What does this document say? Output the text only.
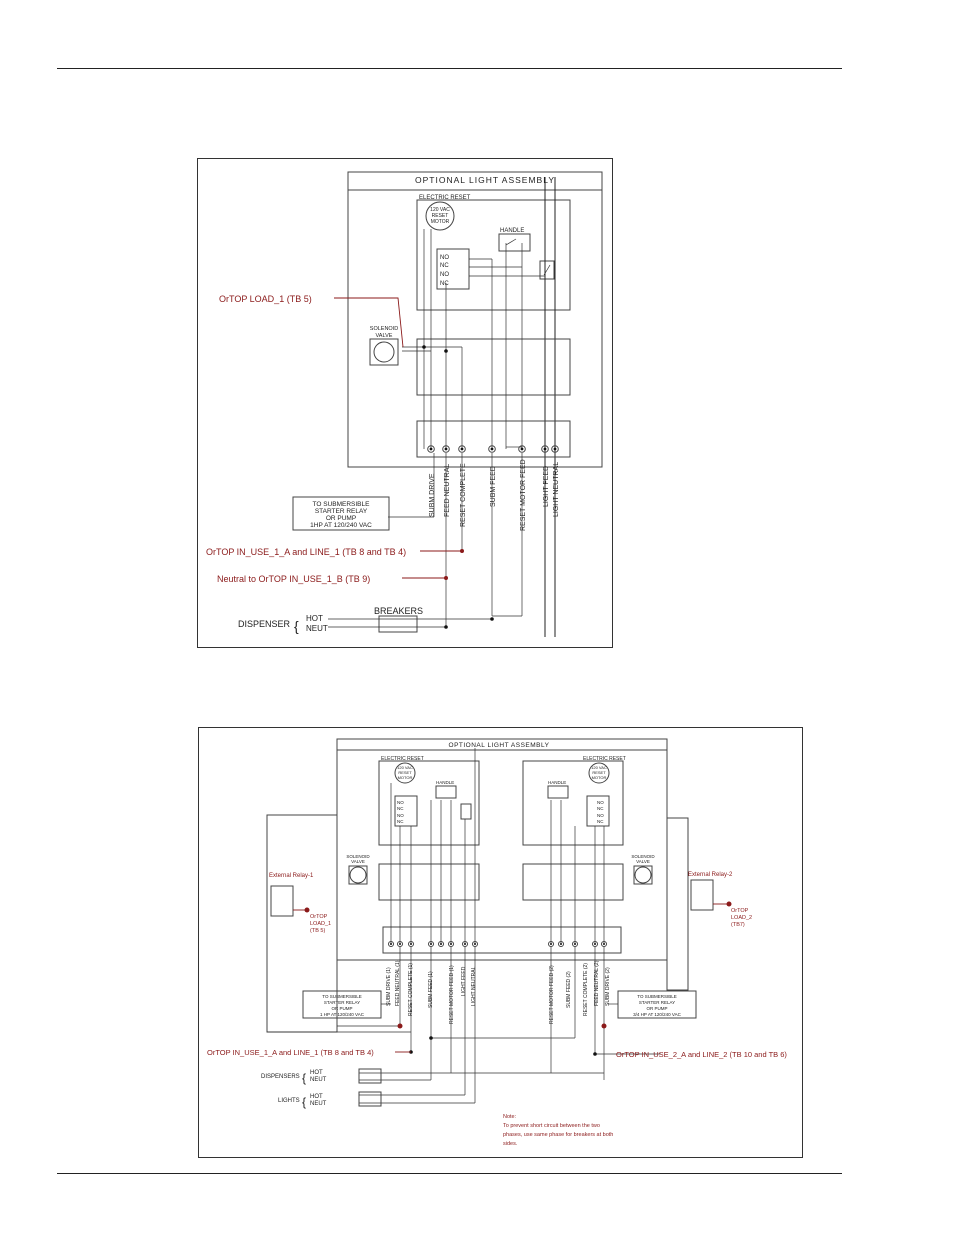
OPTIONAL LIGHT ASSEMBLY
ELECTRIC RESET
120 VAC
RESET
MOTOR
HANDLE
NO
NC
NO
NC
SOLENOID
VALVE
SUBM DRIVE FEED NEUTRAL RESET COMPLETE	SUBM FEED	RESET MOTOR FEED LIGHT FEED LIGHT NEUTRAL
TO SUBMERSIBLE
STARTER RELAY
OR PUMP
1HP AT 120/240 VAC
OrTOP LOAD_1 (TB 5)
OrTOP IN_USE_1_A and LINE_1 (TB 8 and TB 4)
Neutral to OrTOP IN_USE_1_B (TB 9)
BREAKERS
DISPENSER { HOT
NEUT
OPTIONAL LIGHT ASSEMBLY
ELECTRIC RESET
120 VAC
RESET
MOTOR
HANDLE
NO
NC
NO
NC
ELECTRIC RESET
120 VAC
RESET
MOTOR
HANDLE
NO
NC
NO
NC
SOLENOID
VALVE
SOLENOID
VALVE
SUBM DRIVE (1) FEED NEUTRAL (1) RESET COMPLETE (1)	SUBM FEED (1)	RESET MOTOR FEED (1) LIGHT FEED LIGHT NEUTRAL	RESET MOTOR FEED (2) SUBM FEED (2) RESET COMPLETE (2) FEED NEUTRAL (2) SUBM DRIVE (2)
TO SUBMERSIBLE
STARTER RELAY
OR PUMP
1 HP AT 120/240 VAC
TO SUBMERSIBLE
STARTER RELAY
OR PUMP
3/4 HP AT 120/240 VAC
External Relay-1
OrTOP
LOAD_1
(TB 5)
External Relay-2
OrTOP
LOAD_2
(TB7)
OrTOP IN_USE_1_A and LINE_1 (TB 8 and TB 4)	OrTOP IN_USE_2_A and LINE_2 (TB 10 and TB 6)
DISPENSERS { HOT
NEUT
LIGHTS { HOT
NEUT
Note:
To prevent short circuit between the two
phases, use same phase for breakers at both
sides.
